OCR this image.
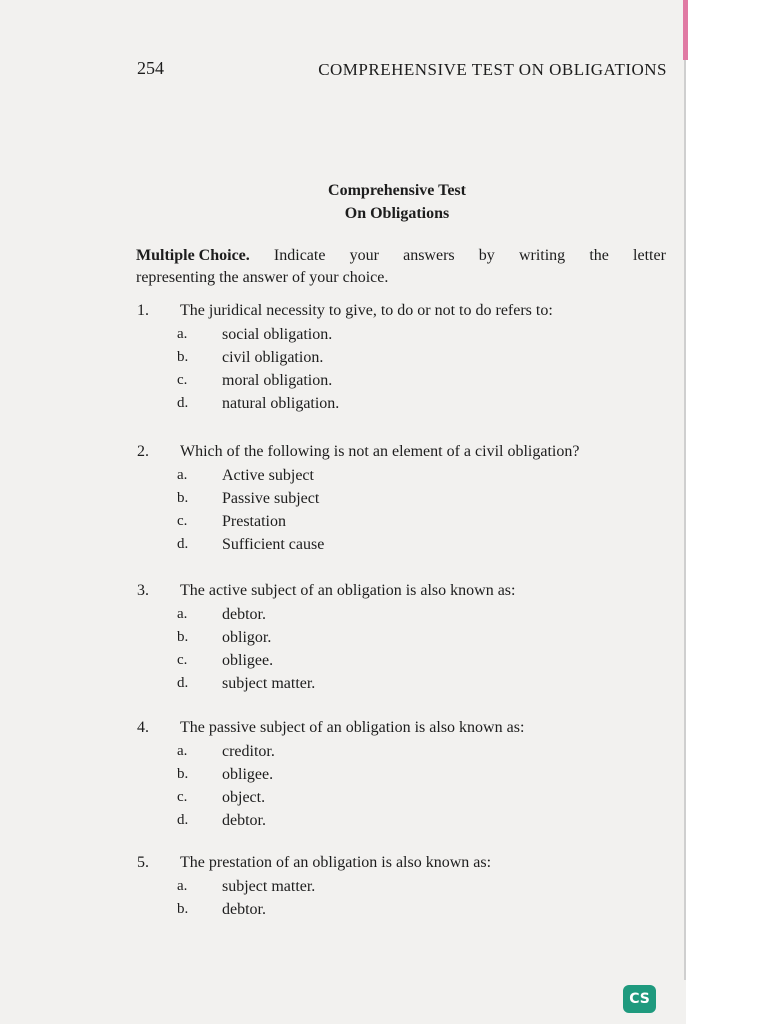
254	COMPREHENSIVE TEST ON OBLIGATIONS
Comprehensive Test
On Obligations
Multiple Choice. Indicate your answers by writing the letter
representing the answer of your choice.
1. The juridical necessity to give, to do or not to do refers to:
a. social obligation.
b. civil obligation.
c. moral obligation.
d. natural obligation.
2. Which of the following is not an element of a civil obligation?
a. Active subject
b. Passive subject
c. Prestation
d. Sufficient cause
3. The active subject of an obligation is also known as:
a. debtor.
b. obligor.
c. obligee.
d. subject matter.
4. The passive subject of an obligation is also known as:
a. creditor.
b. obligee.
c. object.
d. debtor.
5. The prestation of an obligation is also known as:
a. subject matter.
b. debtor.
CS
